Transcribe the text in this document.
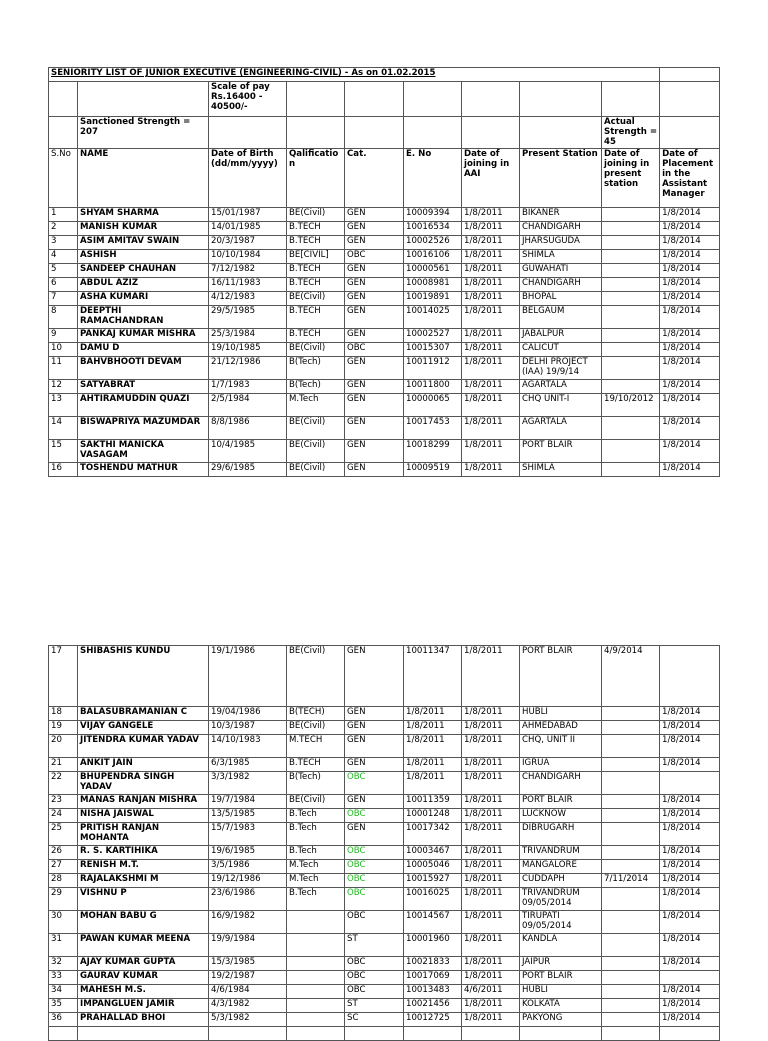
SENIORITY LIST OF JUNIOR EXECUTIVE (ENGINEERING-CIVIL) - As on 01.02.2015									
		Scale of pay Rs.16400 - 40500/-							
	Sanctioned Strength = 207							Actual Strength = 45	
S.No	NAME	Date of Birth (dd/mm/yyyy)	Qalificatio n	Cat.	E. No	Date of joining in AAI	Present Station	Date of joining in present station	Date of Placement in the Assistant Manager
1	SHYAM SHARMA	15/01/1987	BE(Civil)	GEN	10009394	1/8/2011	BIKANER		1/8/2014
2	MANISH KUMAR	14/01/1985	B.TECH	GEN	10016534	1/8/2011	CHANDIGARH		1/8/2014
3	ASIM AMITAV SWAIN	20/3/1987	B.TECH	GEN	10002526	1/8/2011	JHARSUGUDA		1/8/2014
4	ASHISH	10/10/1984	BE[CIVIL]	OBC	10016106	1/8/2011	SHIMLA		1/8/2014
5	SANDEEP CHAUHAN	7/12/1982	B.TECH	GEN	10000561	1/8/2011	GUWAHATI		1/8/2014
6	ABDUL AZIZ	16/11/1983	B.TECH	GEN	10008981	1/8/2011	CHANDIGARH		1/8/2014
7	ASHA KUMARI	4/12/1983	BE(Civil)	GEN	10019891	1/8/2011	BHOPAL		1/8/2014
8	DEEPTHI RAMACHANDRAN	29/5/1985	B.TECH	GEN	10014025	1/8/2011	BELGAUM		1/8/2014
9	PANKAJ KUMAR MISHRA	25/3/1984	B.TECH	GEN	10002527	1/8/2011	JABALPUR		1/8/2014
10	DAMU D	19/10/1985	BE(Civil)	OBC	10015307	1/8/2011	CALICUT		1/8/2014
11	BAHVBHOOTI DEVAM	21/12/1986	B(Tech)	GEN	10011912	1/8/2011	DELHI PROJECT (IAA) 19/9/14		1/8/2014
12	SATYABRAT	1/7/1983	B(Tech)	GEN	10011800	1/8/2011	AGARTALA		1/8/2014
13	AHTIRAMUDDIN QUAZI	2/5/1984	M.Tech	GEN	10000065	1/8/2011	CHQ UNIT-I	19/10/2012	1/8/2014
14	BISWAPRIYA MAZUMDAR	8/8/1986	BE(Civil)	GEN	10017453	1/8/2011	AGARTALA		1/8/2014
15	SAKTHI MANICKA VASAGAM	10/4/1985	BE(Civil)	GEN	10018299	1/8/2011	PORT BLAIR		1/8/2014
16	TOSHENDU MATHUR	29/6/1985	BE(Civil)	GEN	10009519	1/8/2011	SHIMLA		1/8/2014
17	SHIBASHIS KUNDU	19/1/1986	BE(Civil)	GEN	10011347	1/8/2011	PORT BLAIR	4/9/2014	
18	BALASUBRAMANIAN C	19/04/1986	B(TECH)	GEN	1/8/2011	1/8/2011	HUBLI		1/8/2014
19	VIJAY GANGELE	10/3/1987	BE(Civil)	GEN	1/8/2011	1/8/2011	AHMEDABAD		1/8/2014
20	JITENDRA KUMAR YADAV	14/10/1983	M.TECH	GEN	1/8/2011	1/8/2011	CHQ, UNIT II		1/8/2014
21	ANKIT JAIN	6/3/1985	B.TECH	GEN	1/8/2011	1/8/2011	IGRUA		1/8/2014
22	BHUPENDRA SINGH YADAV	3/3/1982	B(Tech)	OBC	1/8/2011	1/8/2011	CHANDIGARH		
23	MANAS RANJAN MISHRA	19/7/1984	BE(Civil)	GEN	10011359	1/8/2011	PORT BLAIR		1/8/2014
24	NISHA JAISWAL	13/5/1985	B.Tech	OBC	10001248	1/8/2011	LUCKNOW		1/8/2014
25	PRITISH RANJAN MOHANTA	15/7/1983	B.Tech	GEN	10017342	1/8/2011	DIBRUGARH		1/8/2014
26	R. S. KARTIHIKA	19/6/1985	B.Tech	OBC	10003467	1/8/2011	TRIVANDRUM		1/8/2014
27	RENISH M.T.	3/5/1986	M.Tech	OBC	10005046	1/8/2011	MANGALORE		1/8/2014
28	RAJALAKSHMI M	19/12/1986	M.Tech	OBC	10015927	1/8/2011	CUDDAPH	7/11/2014	1/8/2014
29	VISHNU P	23/6/1986	B.Tech	OBC	10016025	1/8/2011	TRIVANDRUM 09/05/2014		1/8/2014
30	MOHAN BABU G	16/9/1982		OBC	10014567	1/8/2011	TIRUPATI 09/05/2014		1/8/2014
31	PAWAN KUMAR MEENA	19/9/1984		ST	10001960	1/8/2011	KANDLA		1/8/2014
32	AJAY KUMAR GUPTA	15/3/1985		OBC	10021833	1/8/2011	JAIPUR		1/8/2014
33	GAURAV KUMAR	19/2/1987		OBC	10017069	1/8/2011	PORT BLAIR		
34	MAHESH M.S.	4/6/1984		OBC	10013483	4/6/2011	HUBLI		1/8/2014
35	IMPANGLUEN JAMIR	4/3/1982		ST	10021456	1/8/2011	KOLKATA		1/8/2014
36	PRAHALLAD BHOI	5/3/1982		SC	10012725	1/8/2011	PAKYONG		1/8/2014
